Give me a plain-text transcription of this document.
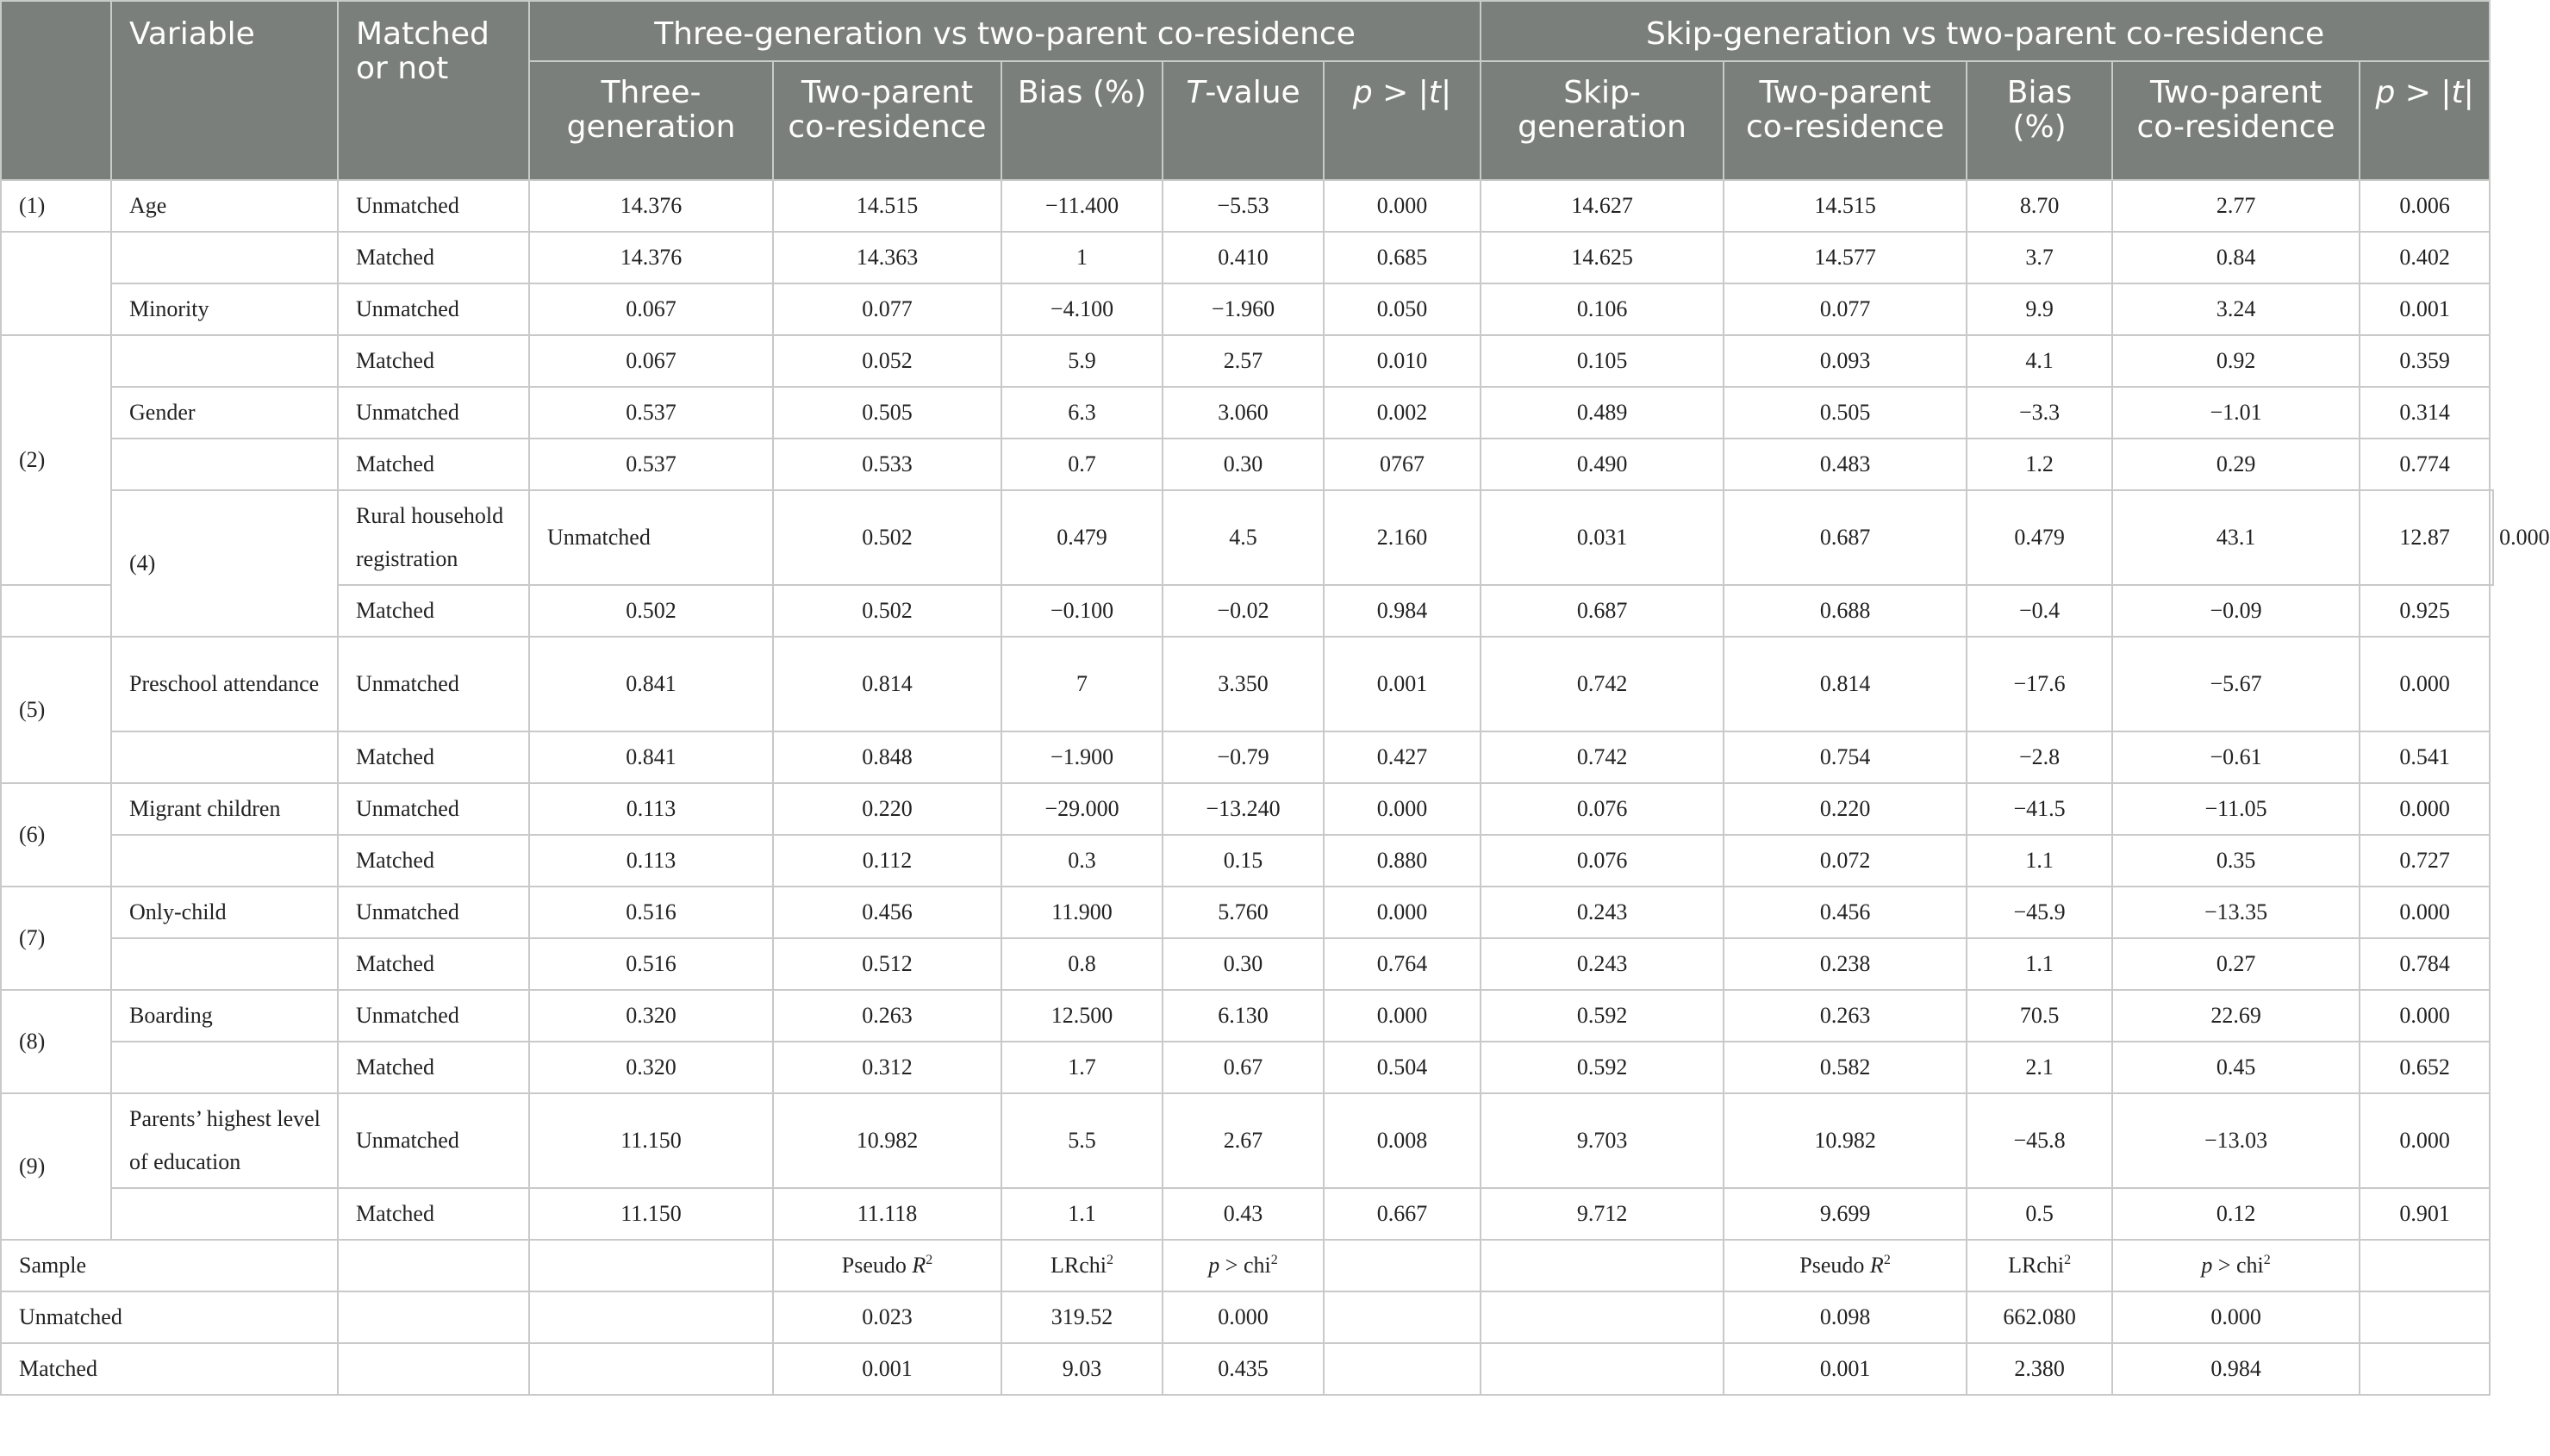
	Variable	Matched or not	Three-generation vs two-parent co-residence					Skip-generation vs two-parent co-residence					
			Three-generation	Two-parent co-residence	Bias (%)	T-value	p > |t|	Skip-generation	Two-parent co-residence	Bias (%)	Two-parent co-residence	p > |t|	
(1)	Age	Unmatched	14.376	14.515	−11.400	−5.53	0.000	14.627	14.515	8.70	2.77	0.006	
		Matched	14.376	14.363	1	0.410	0.685	14.625	14.577	3.7	0.84	0.402	
	Minority	Unmatched	0.067	0.077	−4.100	−1.960	0.050	0.106	0.077	9.9	3.24	0.001	
(2)		Matched	0.067	0.052	5.9	2.57	0.010	0.105	0.093	4.1	0.92	0.359	
	Gender	Unmatched	0.537	0.505	6.3	3.060	0.002	0.489	0.505	−3.3	−1.01	0.314	
		Matched	0.537	0.533	0.7	0.30	0767	0.490	0.483	1.2	0.29	0.774	
	(4)	Rural household registration	Unmatched	0.502	0.479	4.5	2.160	0.031	0.687	0.479	43.1	12.87	0.000
		Matched	0.502	0.502	−0.100	−0.02	0.984	0.687	0.688	−0.4	−0.09	0.925	
(5)	Preschool attendance	Unmatched	0.841	0.814	7	3.350	0.001	0.742	0.814	−17.6	−5.67	0.000	
		Matched	0.841	0.848	−1.900	−0.79	0.427	0.742	0.754	−2.8	−0.61	0.541	
(6)	Migrant children	Unmatched	0.113	0.220	−29.000	−13.240	0.000	0.076	0.220	−41.5	−11.05	0.000	
		Matched	0.113	0.112	0.3	0.15	0.880	0.076	0.072	1.1	0.35	0.727	
(7)	Only-child	Unmatched	0.516	0.456	11.900	5.760	0.000	0.243	0.456	−45.9	−13.35	0.000	
		Matched	0.516	0.512	0.8	0.30	0.764	0.243	0.238	1.1	0.27	0.784	
(8)	Boarding	Unmatched	0.320	0.263	12.500	6.130	0.000	0.592	0.263	70.5	22.69	0.000	
		Matched	0.320	0.312	1.7	0.67	0.504	0.592	0.582	2.1	0.45	0.652	
(9)	Parents’ highest level of education	Unmatched	11.150	10.982	5.5	2.67	0.008	9.703	10.982	−45.8	−13.03	0.000	
		Matched	11.150	11.118	1.1	0.43	0.667	9.712	9.699	0.5	0.12	0.901	
Sample				Pseudo $R^2$	LRchi$^2$	p > chi$^2$			Pseudo $R^2$	LRchi$^2$	p > chi$^2$	
Unmatched				0.023	319.52	0.000			0.098	662.080	0.000		
Matched				0.001	9.03	0.435			0.001	2.380	0.984		
